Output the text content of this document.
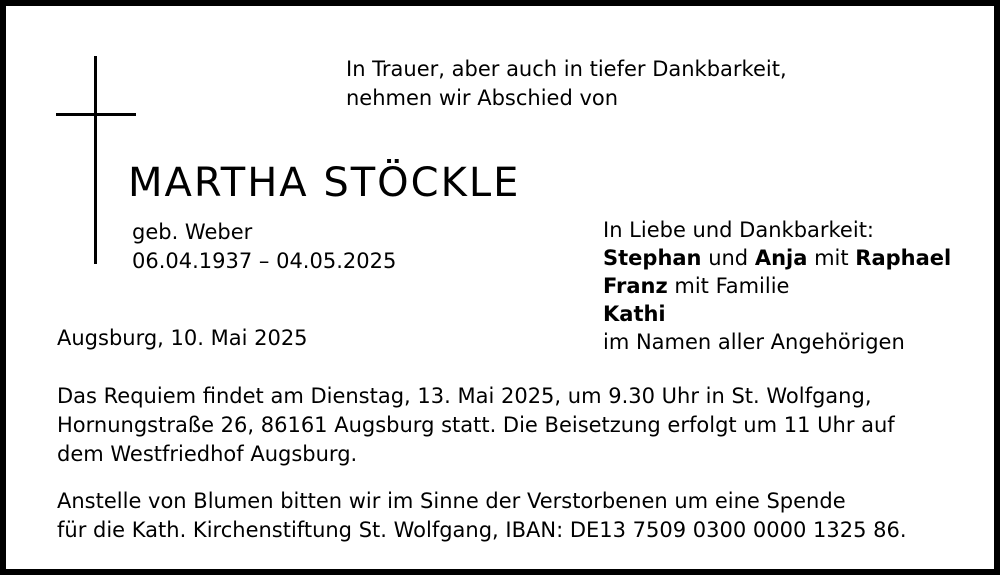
In Trauer, aber auch in tiefer Dankbarkeit,
nehmen wir Abschied von
MARTHA STÖCKLE
geb. Weber
06.04.1937 – 04.05.2025
In Liebe und Dankbarkeit:
Stephan und Anja mit Raphael
Franz mit Familie
Kathi
im Namen aller Angehörigen
Augsburg, 10. Mai 2025
Das Requiem findet am Dienstag, 13. Mai 2025, um 9.30 Uhr in St. Wolfgang,
Hornungstraße 26, 86161 Augsburg statt. Die Beisetzung erfolgt um 11 Uhr auf
dem Westfriedhof Augsburg.
Anstelle von Blumen bitten wir im Sinne der Verstorbenen um eine Spende
für die Kath. Kirchenstiftung St. Wolfgang, IBAN: DE13 7509 0300 0000 1325 86.
